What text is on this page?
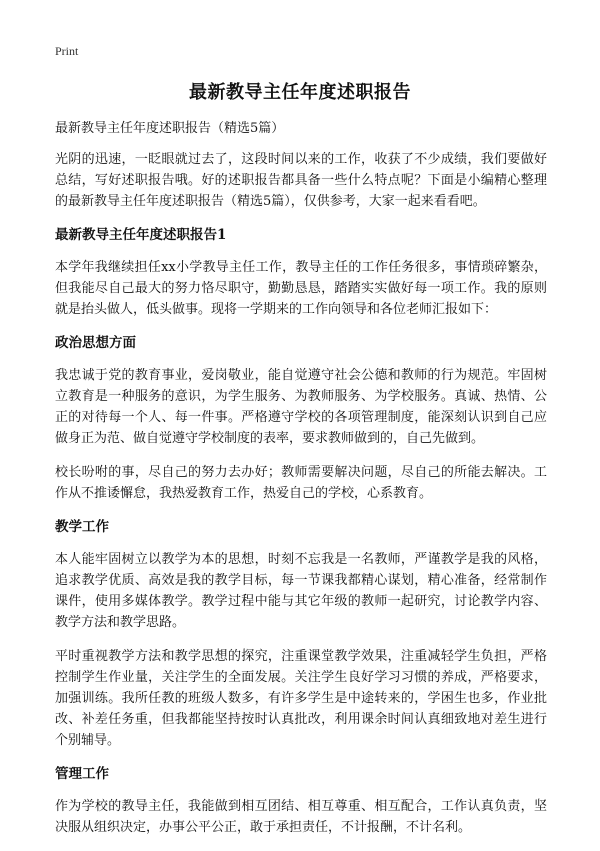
Print
最新教导主任年度述职报告

最新教导主任年度述职报告（精选5篇）

光阴的迅速，一眨眼就过去了，这段时间以来的工作，收获了不少成绩，我们要做好总结，写好述职报告哦。好的述职报告都具备一些什么特点呢？下面是小编精心整理的最新教导主任年度述职报告（精选5篇），仅供参考，大家一起来看看吧。

最新教导主任年度述职报告1

本学年我继续担任xx小学教导主任工作，教导主任的工作任务很多，事情琐碎繁杂，但我能尽自己最大的努力恪尽职守，勤勤恳恳，踏踏实实做好每一项工作。我的原则就是抬头做人，低头做事。现将一学期来的工作向领导和各位老师汇报如下：

政治思想方面

我忠诚于党的教育事业，爱岗敬业，能自觉遵守社会公德和教师的行为规范。牢固树立教育是一种服务的意识，为学生服务、为教师服务、为学校服务。真诚、热情、公正的对待每一个人、每一件事。严格遵守学校的各项管理制度，能深刻认识到自己应做身正为范、做自觉遵守学校制度的表率，要求教师做到的，自己先做到。

校长吩咐的事，尽自己的努力去办好；教师需要解决问题，尽自己的所能去解决。工作从不推诿懈怠，我热爱教育工作，热爱自己的学校，心系教育。

教学工作

本人能牢固树立以教学为本的思想，时刻不忘我是一名教师，严谨教学是我的风格，追求教学优质、高效是我的教学目标，每一节课我都精心谋划，精心准备，经常制作课件，使用多媒体教学。教学过程中能与其它年级的教师一起研究，讨论教学内容、教学方法和教学思路。

平时重视教学方法和教学思想的探究，注重课堂教学效果，注重减轻学生负担，严格控制学生作业量，关注学生的全面发展。关注学生良好学习习惯的养成，严格要求，加强训练。我所任教的班级人数多，有许多学生是中途转来的，学困生也多，作业批改、补差任务重，但我都能坚持按时认真批改，利用课余时间认真细致地对差生进行个别辅导。

管理工作

作为学校的教导主任，我能做到相互团结、相互尊重、相互配合，工作认真负责，坚决服从组织决定，办事公平公正，敢于承担责任，不计报酬，不计名利。
